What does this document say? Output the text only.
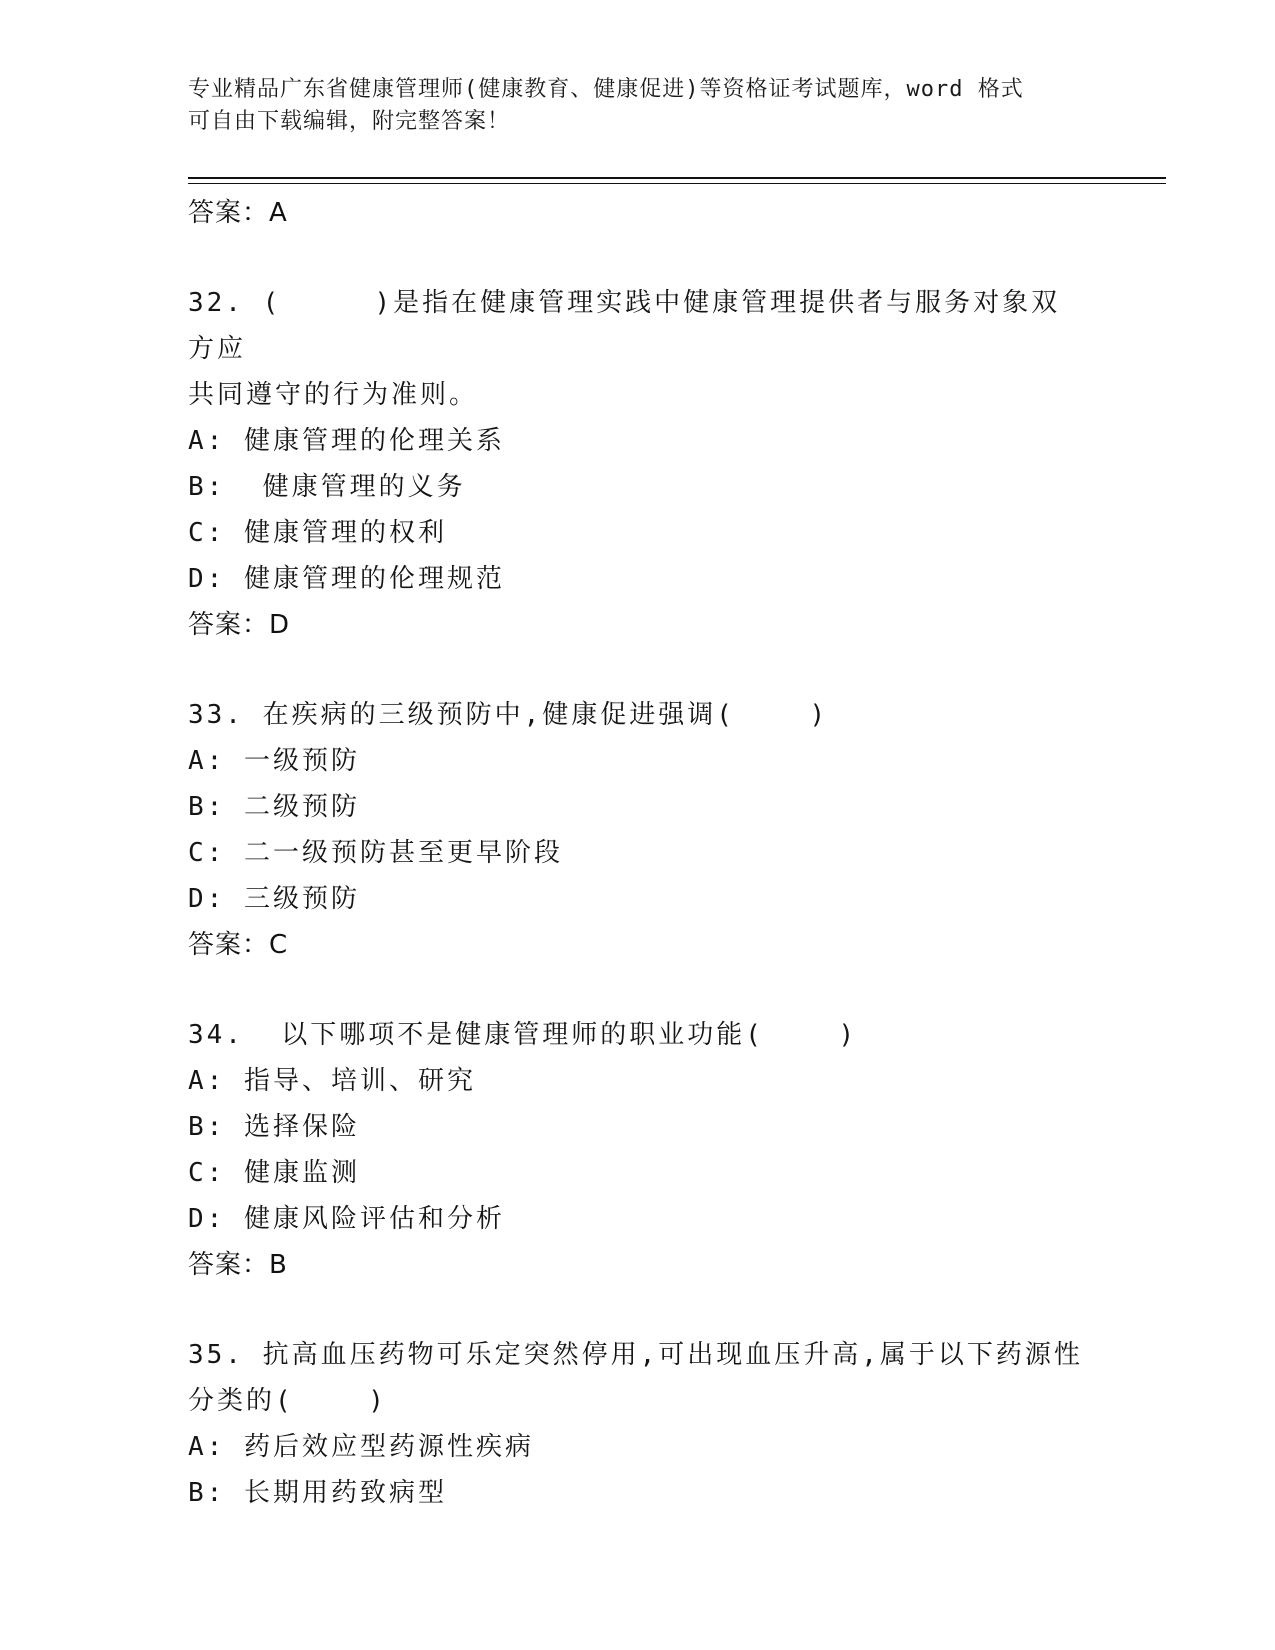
专业精品广东省健康管理师(健康教育、健康促进)等资格证考试题库，word 格式
可自由下载编辑，附完整答案！
答案：A
32. (     )是指在健康管理实践中健康管理提供者与服务对象双方应
共同遵守的行为准则。
A: 健康管理的伦理关系
B:  健康管理的义务
C: 健康管理的权利
D: 健康管理的伦理规范
答案：D
33. 在疾病的三级预防中,健康促进强调(    )
A: 一级预防
B: 二级预防
C: 二一级预防甚至更早阶段
D: 三级预防
答案：C
34.  以下哪项不是健康管理师的职业功能(    )
A: 指导、培训、研究
B: 选择保险
C: 健康监测
D: 健康风险评估和分析
答案：B
35. 抗高血压药物可乐定突然停用,可出现血压升高,属于以下药源性
分类的(    )
A: 药后效应型药源性疾病
B: 长期用药致病型
